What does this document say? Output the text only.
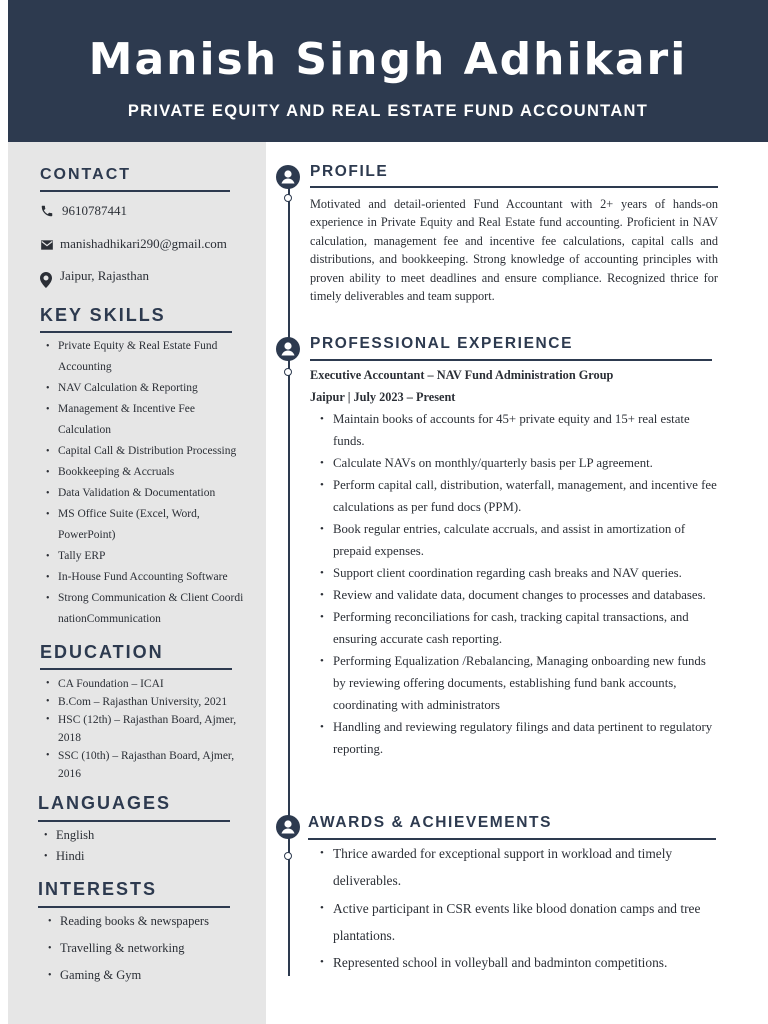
Manish Singh Adhikari
PRIVATE EQUITY AND REAL ESTATE FUND ACCOUNTANT
CONTACT
9610787441
manishadhikari290@gmail.com
Jaipur, Rajasthan
KEY SKILLS
• Private Equity & Real Estate Fund Accounting
• NAV Calculation & Reporting
• Management & Incentive Fee Calculation
• Capital Call & Distribution Processing
• Bookkeeping & Accruals
• Data Validation & Documentation
• MS Office Suite (Excel, Word, PowerPoint)
• Tally ERP
• In-House Fund Accounting Software
• Strong Communication & Client CoordinationCommunication
EDUCATION
• CA Foundation – ICAI
• B.Com – Rajasthan University, 2021
• HSC (12th) – Rajasthan Board, Ajmer, 2018
• SSC (10th) – Rajasthan Board, Ajmer, 2016
LANGUAGES
• English
• Hindi
INTERESTS
• Reading books & newspapers
• Travelling & networking
• Gaming & Gym
PROFILE
Motivated and detail-oriented Fund Accountant with 2+ years of hands-on experience in Private Equity and Real Estate fund accounting. Proficient in NAV calculation, management fee and incentive fee calculations, capital calls and distributions, and bookkeeping. Strong knowledge of accounting principles with proven ability to meet deadlines and ensure compliance. Recognized thrice for timely deliverables and team support.
PROFESSIONAL EXPERIENCE
Executive Accountant – NAV Fund Administration Group
Jaipur | July 2023 – Present
• Maintain books of accounts for 45+ private equity and 15+ real estate funds.
• Calculate NAVs on monthly/quarterly basis per LP agreement.
• Perform capital call, distribution, waterfall, management, and incentive fee calculations as per fund docs (PPM).
• Book regular entries, calculate accruals, and assist in amortization of prepaid expenses.
• Support client coordination regarding cash breaks and NAV queries.
• Review and validate data, document changes to processes and databases.
• Performing reconciliations for cash, tracking capital transactions, and ensuring accurate cash reporting.
• Performing Equalization /Rebalancing, Managing onboarding new funds by reviewing offering documents, establishing fund bank accounts, coordinating with administrators
• Handling and reviewing regulatory filings and data pertinent to regulatory reporting.
AWARDS & ACHIEVEMENTS
• Thrice awarded for exceptional support in workload and timely deliverables.
• Active participant in CSR events like blood donation camps and tree plantations.
• Represented school in volleyball and badminton competitions.
